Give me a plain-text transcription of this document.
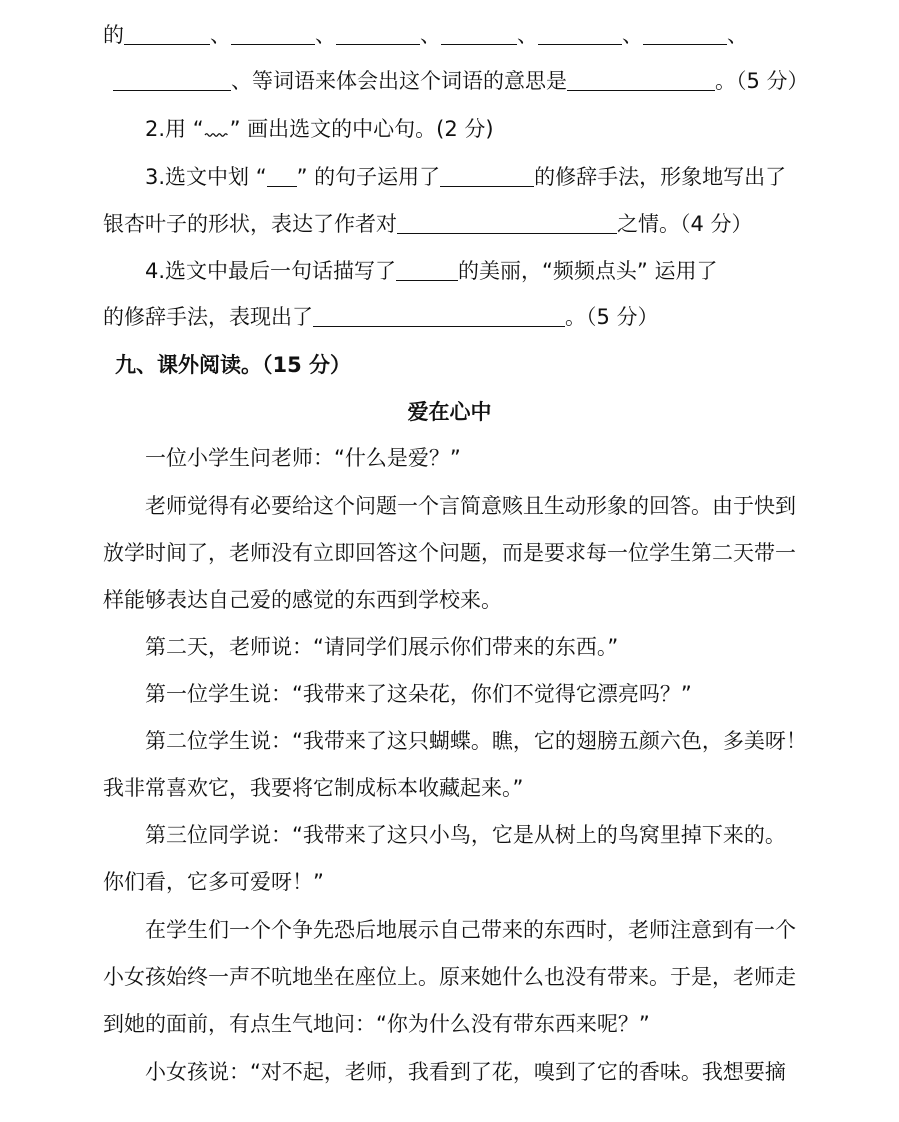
的	、	、	、	、	、	、
、等词语来体会出这个词语的意思是	。（5 分）
2.用 “ ” 画出选文的中心句。(2 分)
3.选文中划 “ ” 的句子运用了	的修辞手法，形象地写出了
银杏叶子的形状，表达了作者对	之情。（4 分）
4.选文中最后一句话描写了	的美丽，“频频点头” 运用了
的修辞手法，表现出了	。（5 分）
九、课外阅读。（15 分）
爱在心中
一位小学生问老师：“什么是爱？”
老师觉得有必要给这个问题一个言简意赅且生动形象的回答。由于快到
放学时间了，老师没有立即回答这个问题，而是要求每一位学生第二天带一
样能够表达自己爱的感觉的东西到学校来。
第二天，老师说：“请同学们展示你们带来的东西。”
第一位学生说：“我带来了这朵花，你们不觉得它漂亮吗？”
第二位学生说：“我带来了这只蝴蝶。瞧，它的翅膀五颜六色，多美呀！
我非常喜欢它，我要将它制成标本收藏起来。”
第三位同学说：“我带来了这只小鸟，它是从树上的鸟窝里掉下来的。
你们看，它多可爱呀！”
在学生们一个个争先恐后地展示自己带来的东西时，老师注意到有一个
小女孩始终一声不吭地坐在座位上。原来她什么也没有带来。于是，老师走
到她的面前，有点生气地问：“你为什么没有带东西来呢？”
小女孩说：“对不起，老师，我看到了花，嗅到了它的香味。我想要摘
